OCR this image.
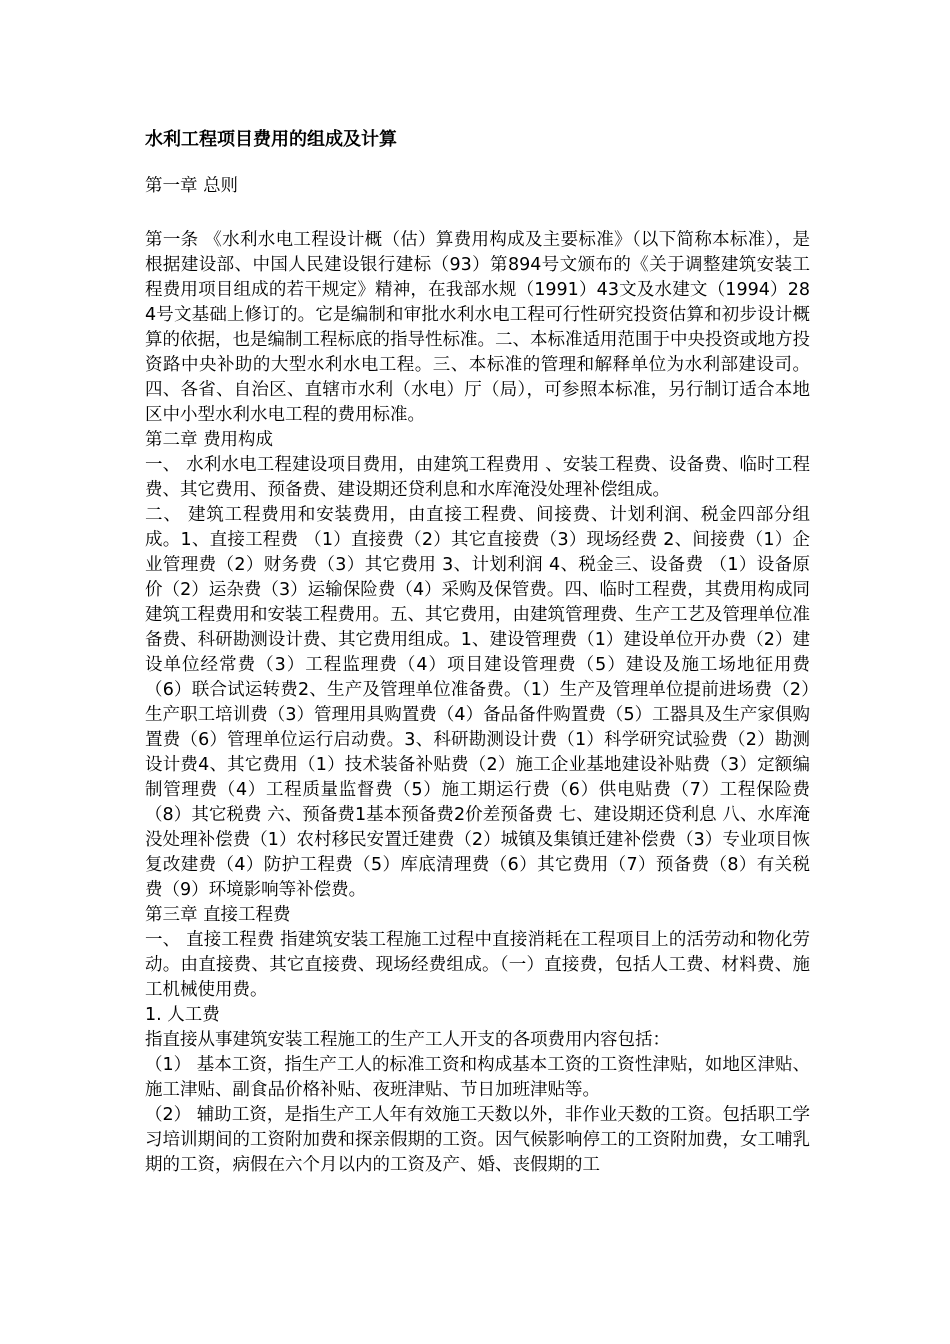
水利工程项目费用的组成及计算
第一章 总则
第一条 《水利水电工程设计概（估）算费用构成及主要标准》（以下简称本标准），是根据建设部、中国人民建设银行建标（93）第894号文颁布的《关于调整建筑安装工程费用项目组成的若干规定》精神，在我部水规（1991）43文及水建文（1994）284号文基础上修订的。它是编制和审批水利水电工程可行性研究投资估算和初步设计概算的依据，也是编制工程标底的指导性标准。二、本标准适用范围于中央投资或地方投资路中央补助的大型水利水电工程。三、本标准的管理和解释单位为水利部建设司。四、各省、自治区、直辖市水利（水电）厅（局），可参照本标准，另行制订适合本地区中小型水利水电工程的费用标准。
第二章 费用构成
一、 水利水电工程建设项目费用，由建筑工程费用 、安装工程费、设备费、临时工程费、其它费用、预备费、建设期还贷利息和水库淹没处理补偿组成。
二、 建筑工程费用和安装费用，由直接工程费、间接费、计划利润、税金四部分组成。1、直接工程费 （1）直接费（2）其它直接费（3）现场经费 2、间接费（1）企业管理费（2）财务费（3）其它费用 3、计划利润 4、税金三、设备费 （1）设备原价（2）运杂费（3）运输保险费（4）采购及保管费。四、临时工程费，其费用构成同建筑工程费用和安装工程费用。五、其它费用，由建筑管理费、生产工艺及管理单位准备费、科研勘测设计费、其它费用组成。1、建设管理费（1）建设单位开办费（2）建设单位经常费（3）工程监理费（4）项目建设管理费（5）建设及施工场地征用费（6）联合试运转费2、生产及管理单位准备费。（1）生产及管理单位提前进场费（2）生产职工培训费（3）管理用具购置费（4）备品备件购置费（5）工器具及生产家俱购置费（6）管理单位运行启动费。3、科研勘测设计费（1）科学研究试验费（2）勘测设计费4、其它费用（1）技术装备补贴费（2）施工企业基地建设补贴费（3）定额编制管理费（4）工程质量监督费（5）施工期运行费（6）供电贴费（7）工程保险费（8）其它税费 六、预备费1基本预备费2价差预备费 七、建设期还贷利息 八、水库淹没处理补偿费（1）农村移民安置迁建费（2）城镇及集镇迁建补偿费（3）专业项目恢复改建费（4）防护工程费（5）库底清理费（6）其它费用（7）预备费（8）有关税费（9）环境影响等补偿费。
第三章 直接工程费
一、 直接工程费 指建筑安装工程施工过程中直接消耗在工程项目上的活劳动和物化劳动。由直接费、其它直接费、现场经费组成。（一）直接费，包括人工费、材料费、施工机械使用费。
1. 人工费
指直接从事建筑安装工程施工的生产工人开支的各项费用内容包括：
（1） 基本工资，指生产工人的标准工资和构成基本工资的工资性津贴，如地区津贴、施工津贴、副食品价格补贴、夜班津贴、节日加班津贴等。
（2） 辅助工资，是指生产工人年有效施工天数以外，非作业天数的工资。包括职工学习培训期间的工资附加费和探亲假期的工资。因气候影响停工的工资附加费，女工哺乳期的工资，病假在六个月以内的工资及产、婚、丧假期的工
